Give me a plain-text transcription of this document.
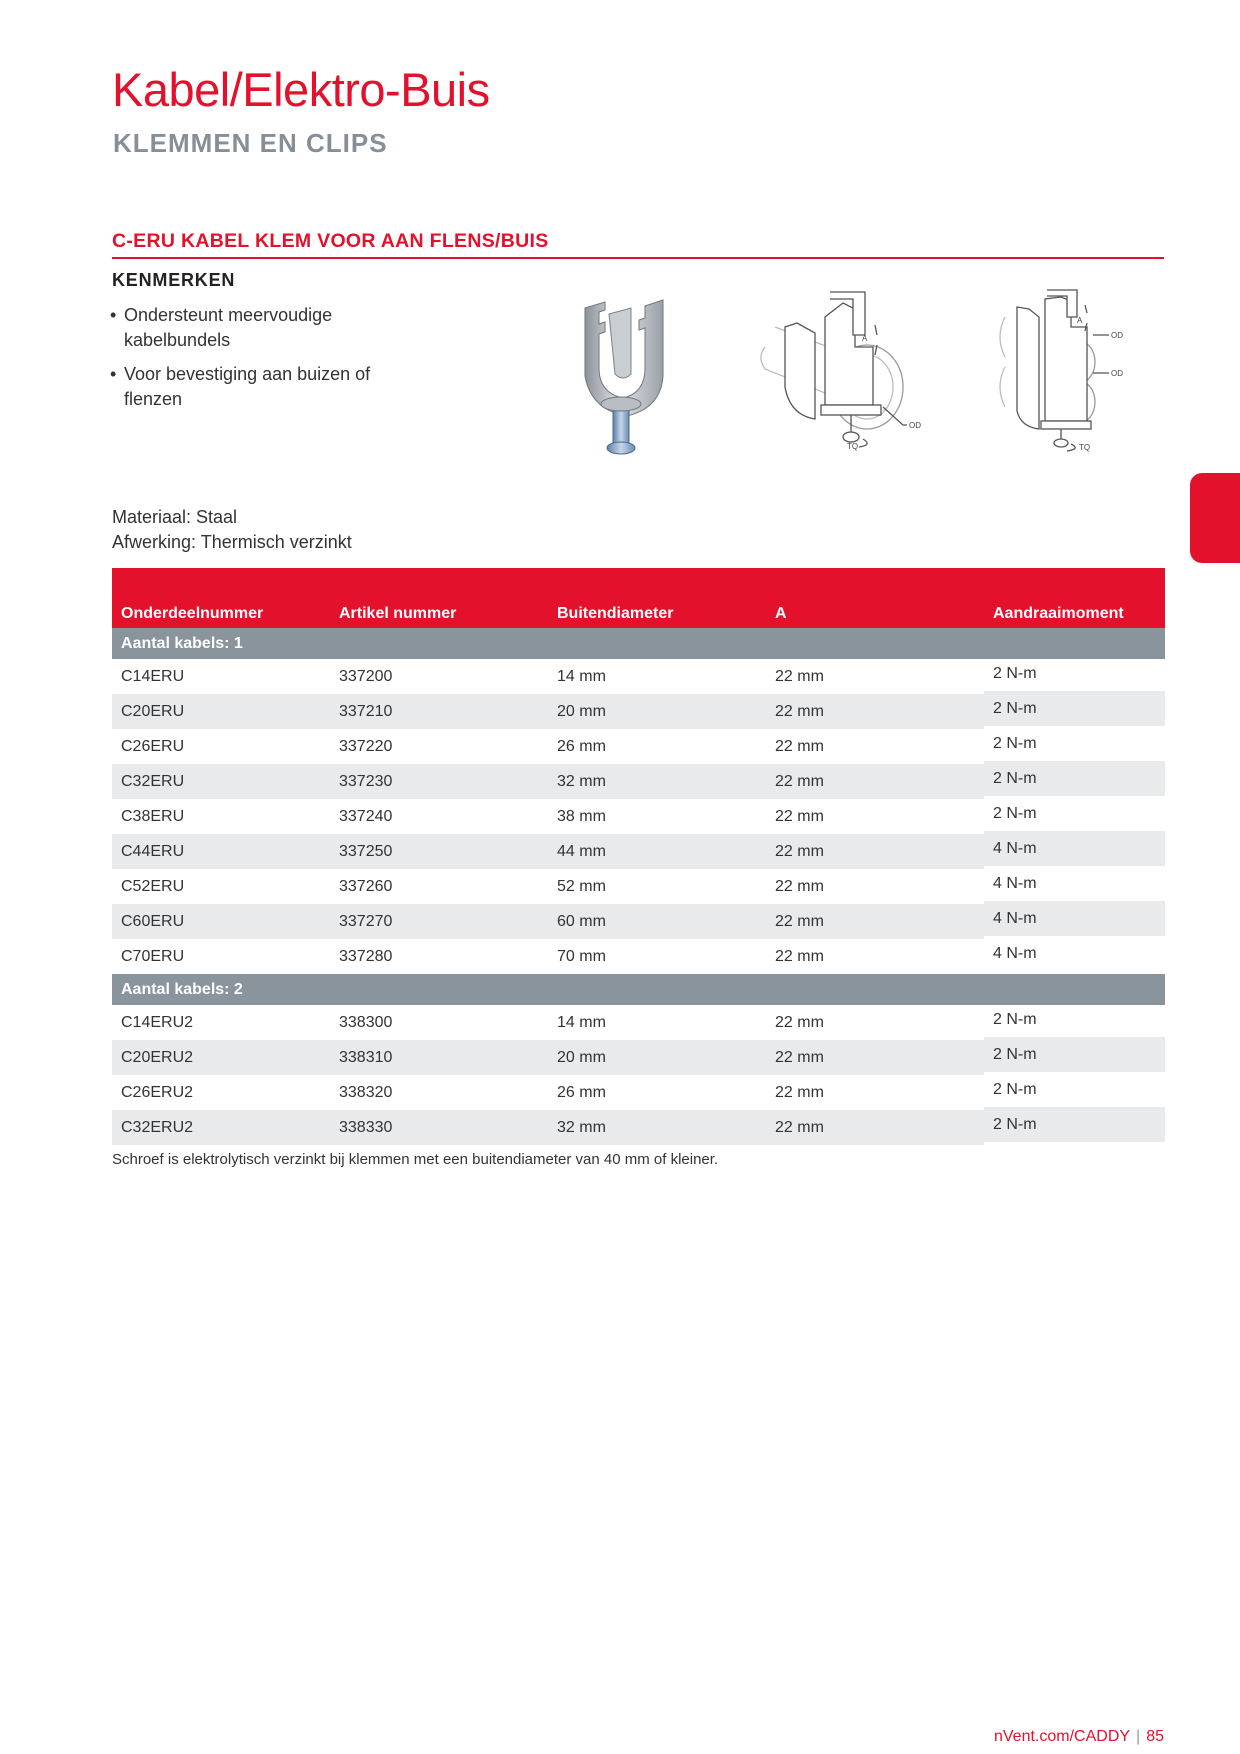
Kabel/Elektro-Buis
KLEMMEN EN CLIPS
C-ERU KABEL KLEM VOOR AAN FLENS/BUIS
KENMERKEN
• Ondersteunt meervoudige kabelbundels
• Voor bevestiging aan buizen of flenzen
A
OD
TQ
A
OD
OD
TQ
Materiaal: Staal
Afwerking: Thermisch verzinkt
Onderdeelnummer	Artikel nummer	Buitendiameter	A	Aandraaimoment
Aantal kabels: 1				
C14ERU	337200	14 mm	22 mm	2 N-m
C20ERU	337210	20 mm	22 mm	2 N-m
C26ERU	337220	26 mm	22 mm	2 N-m
C32ERU	337230	32 mm	22 mm	2 N-m
C38ERU	337240	38 mm	22 mm	2 N-m
C44ERU	337250	44 mm	22 mm	4 N-m
C52ERU	337260	52 mm	22 mm	4 N-m
C60ERU	337270	60 mm	22 mm	4 N-m
C70ERU	337280	70 mm	22 mm	4 N-m
Aantal kabels: 2				
C14ERU2	338300	14 mm	22 mm	2 N-m
C20ERU2	338310	20 mm	22 mm	2 N-m
C26ERU2	338320	26 mm	22 mm	2 N-m
C32ERU2	338330	32 mm	22 mm	2 N-m
Schroef is elektrolytisch verzinkt bij klemmen met een buitendiameter van 40 mm of kleiner.
nVent.com/CADDY | 85
